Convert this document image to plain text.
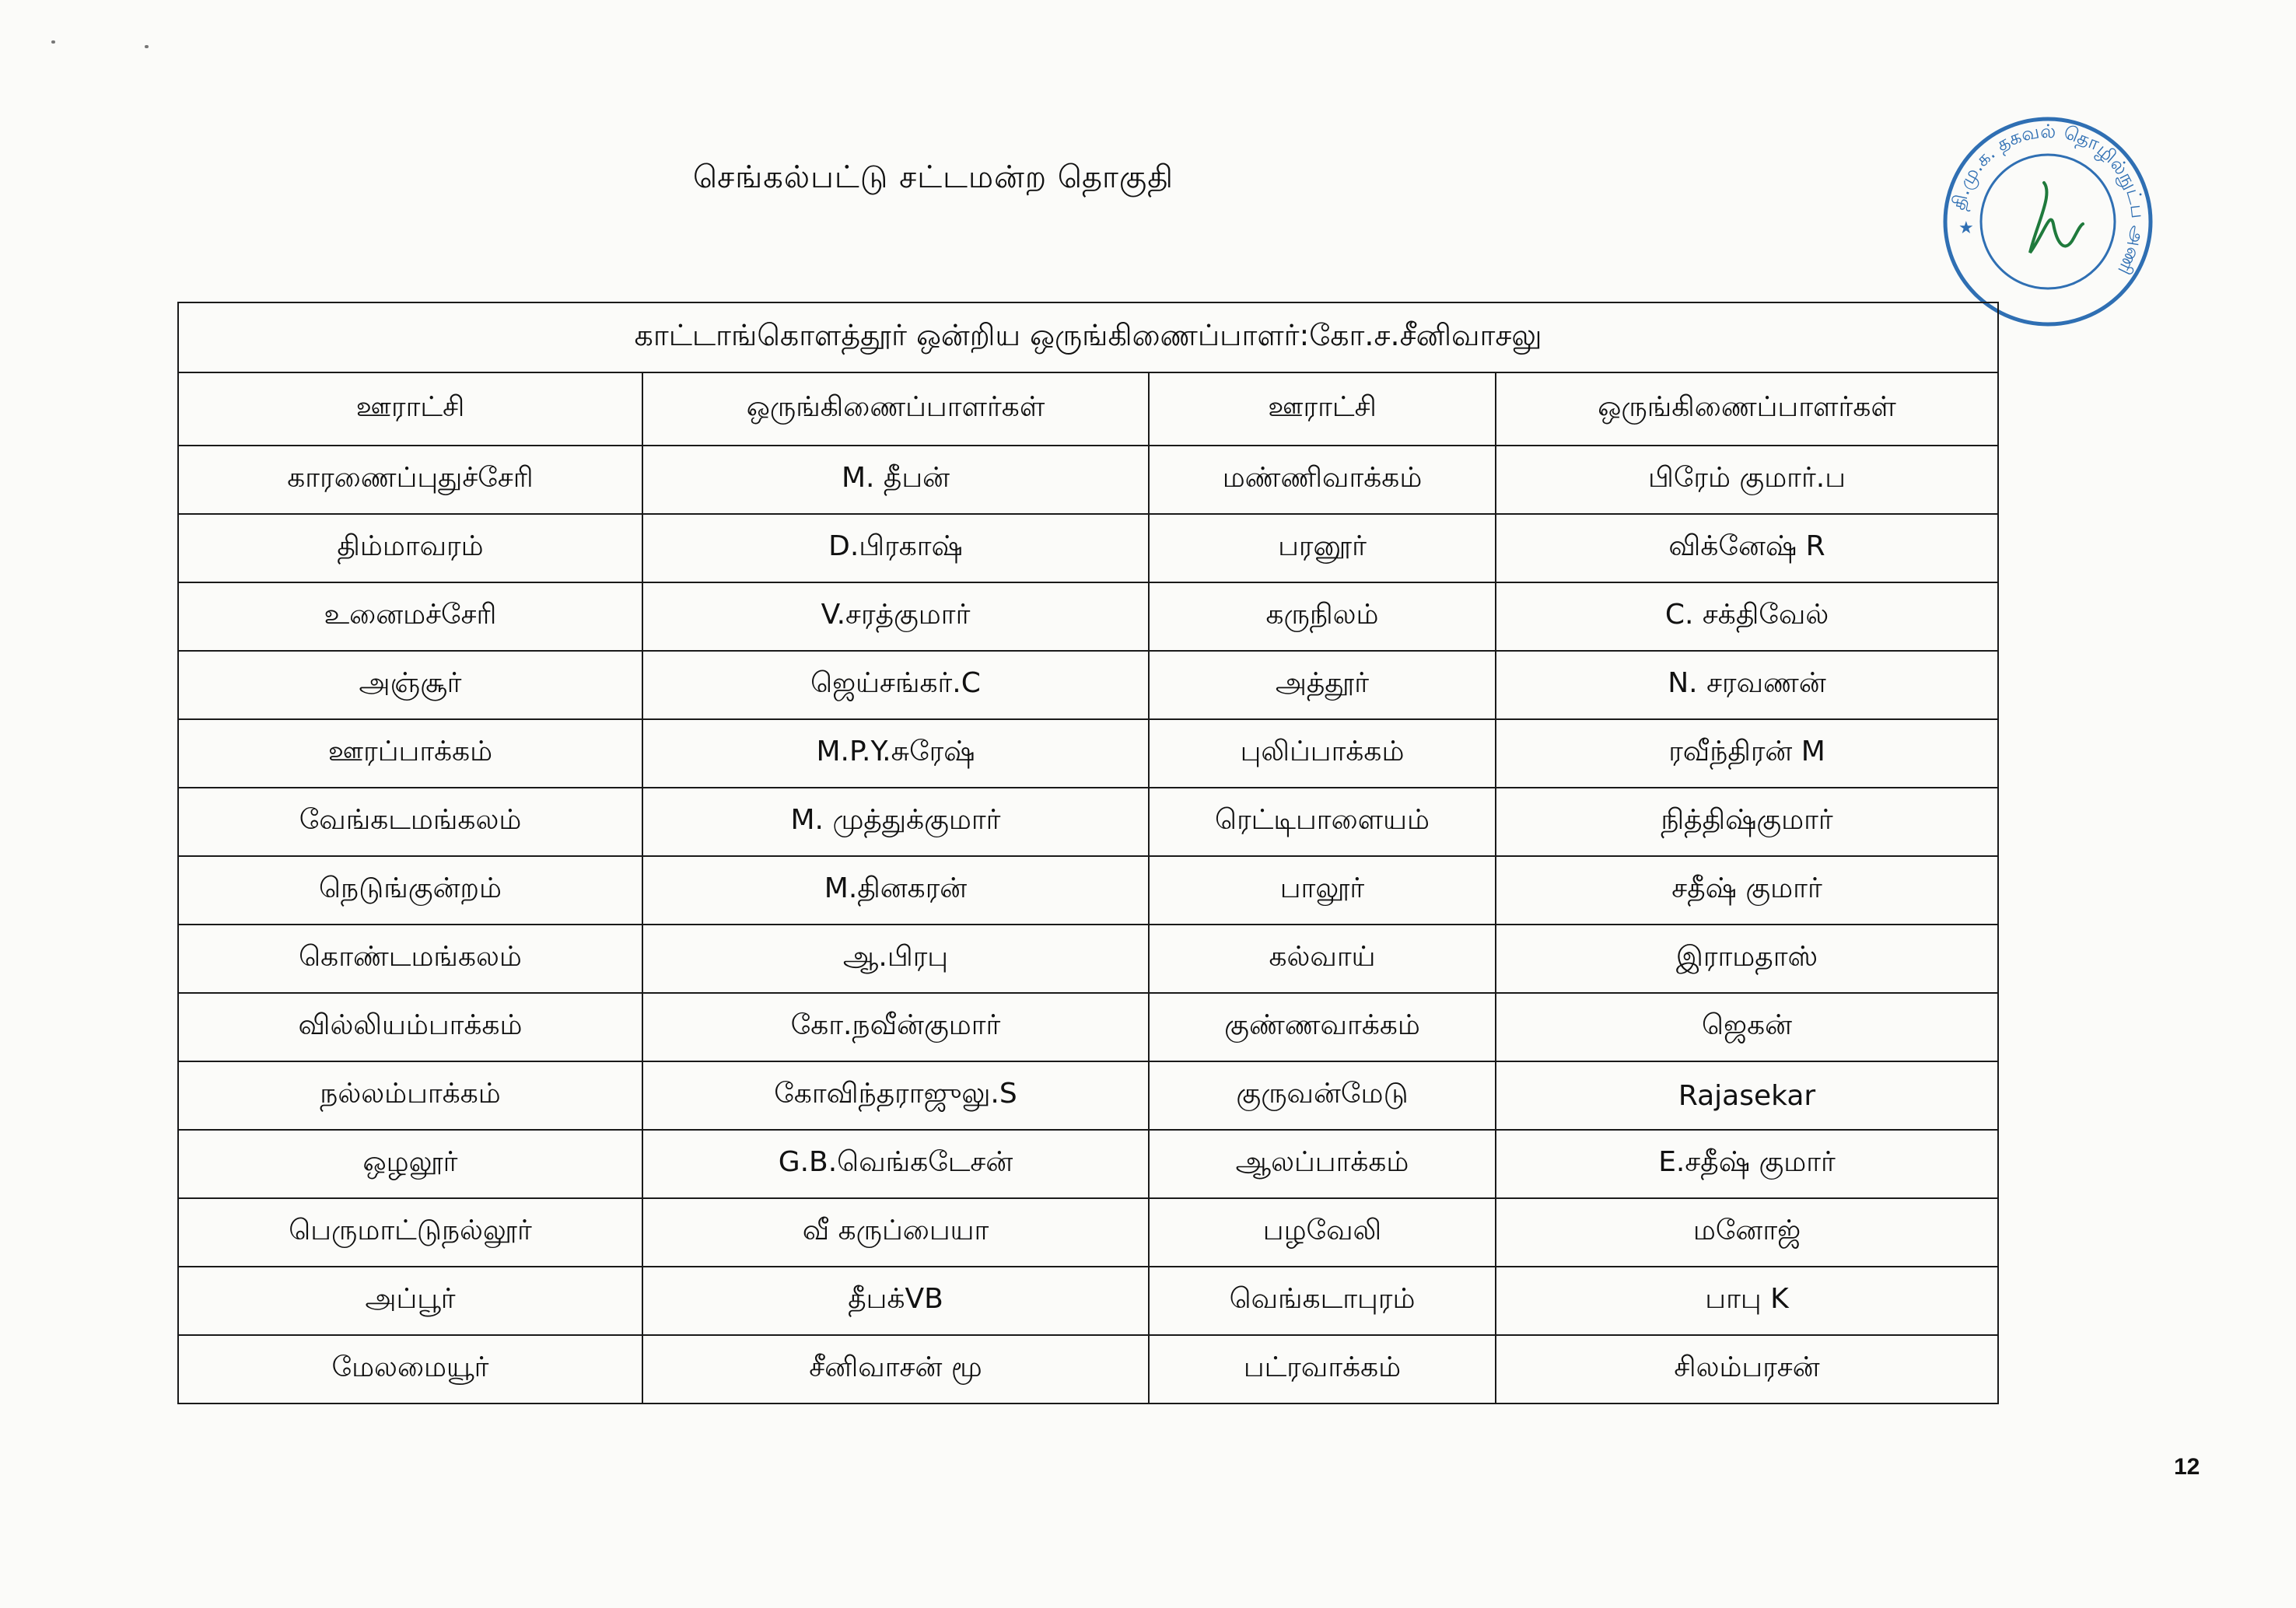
செங்கல்பட்டு சட்டமன்ற தொகுதி
தி.மு.க. தகவல் தொழில்நுட்ப அணி
★
காட்டாங்கொளத்தூர் ஒன்றிய ஒருங்கிணைப்பாளர்:கோ.ச.சீனிவாசலு			
ஊராட்சி	ஒருங்கிணைப்பாளர்கள்	ஊராட்சி	ஒருங்கிணைப்பாளர்கள்
காரணைப்புதுச்சேரி	M. தீபன்	மண்ணிவாக்கம்	பிரேம் குமார்.ப
திம்மாவரம்	D.பிரகாஷ்	பரனூர்	விக்னேஷ் R
உனைமச்சேரி	V.சரத்குமார்	கருநிலம்	C. சக்திவேல்
அஞ்சூர்	ஜெய்சங்கர்.C	அத்தூர்	N. சரவணன்
ஊரப்பாக்கம்	M.P.Y.சுரேஷ்	புலிப்பாக்கம்	ரவீந்திரன் M
வேங்கடமங்கலம்	M. முத்துக்குமார்	ரெட்டிபாளையம்	நித்திஷ்குமார்
நெடுங்குன்றம்	M.தினகரன்	பாலூர்	சதீஷ் குமார்
கொண்டமங்கலம்	ஆ.பிரபு	கல்வாய்	இராமதாஸ்
வில்லியம்பாக்கம்	கோ.நவீன்குமார்	குண்ணவாக்கம்	ஜெகன்
நல்லம்பாக்கம்	கோவிந்தராஜுலு.S	குருவன்மேடு	Rajasekar
ஒழலூர்	G.B.வெங்கடேசன்	ஆலப்பாக்கம்	E.சதீஷ் குமார்
பெருமாட்டுநல்லூர்	வீ கருப்பையா	பழவேலி	மனோஜ்
அப்பூர்	தீபக்VB	வெங்கடாபுரம்	பாபு K
மேலமையூர்	சீனிவாசன் மூ	பட்ரவாக்கம்	சிலம்பரசன்
12
